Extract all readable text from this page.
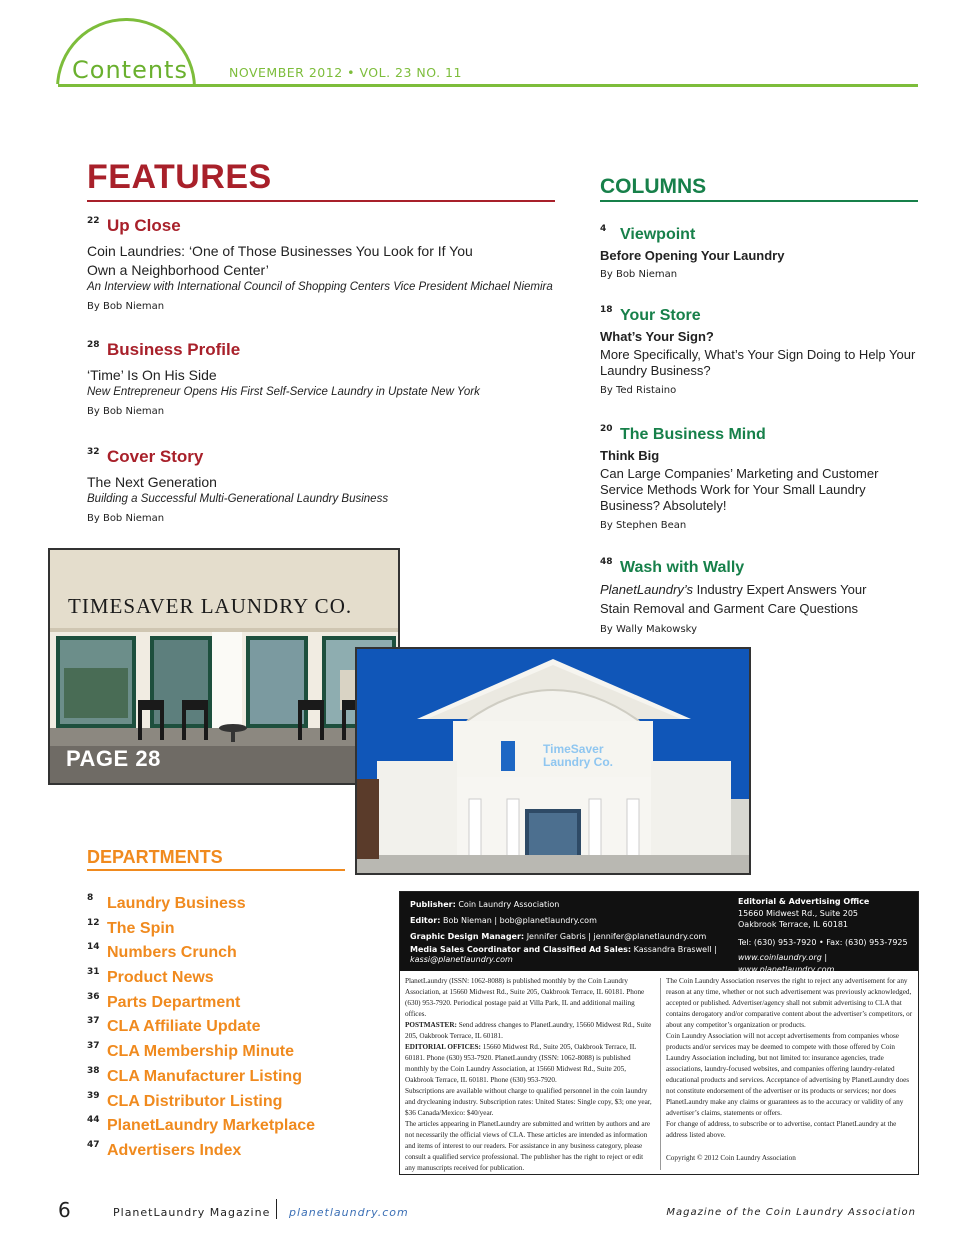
Contents	NOVEMBER 2012 • VOL. 23 NO. 11
FEATURES
22 Up Close
Coin Laundries: ‘One of Those Businesses You Look for If You Own a Neighborhood Center’
An Interview with International Council of Shopping Centers Vice President Michael Niemira
By Bob Nieman
28 Business Profile
‘Time’ Is On His Side
New Entrepreneur Opens His First Self-Service Laundry in Upstate New York
By Bob Nieman
32 Cover Story
The Next Generation
Building a Successful Multi-Generational Laundry Business
By Bob Nieman
COLUMNS
4 Viewpoint
Before Opening Your Laundry
By Bob Nieman
18 Your Store
What’s Your Sign?
More Specifically, What’s Your Sign Doing to Help Your Laundry Business?
By Ted Ristaino
20 The Business Mind
Think Big
Can Large Companies’ Marketing and Customer Service Methods Work for Your Small Laundry Business? Absolutely!
By Stephen Bean
48 Wash with Wally
PlanetLaundry’s Industry Expert Answers Your Stain Removal and Garment Care Questions
By Wally Makowsky
TIMESAVER LAUNDRY CO.
TimeSaver
Laundry Co.
PAGE 28
DEPARTMENTS
8 Laundry Business
12 The Spin
14 Numbers Crunch
31 Product News
36 Parts Department
37 CLA Affiliate Update
37 CLA Membership Minute
38 CLA Manufacturer Listing
39 CLA Distributor Listing
44 PlanetLaundry Marketplace
47 Advertisers Index
Publisher: Coin Laundry Association
Editor: Bob Nieman | bob@planetlaundry.com
Graphic Design Manager: Jennifer Gabris | jennifer@planetlaundry.com
Media Sales Coordinator and Classified Ad Sales: Kassandra Braswell |
kassi@planetlaundry.com
Editorial & Advertising Office
15660 Midwest Rd., Suite 205
Oakbrook Terrace, IL 60181
Tel: (630) 953-7920 • Fax: (630) 953-7925
www.coinlaundry.org | www.planetlaundry.com
PlanetLaundry (ISSN: 1062-8088) is published monthly by the Coin Laundry Association, at 15660 Midwest Rd., Suite 205, Oakbrook Terrace, IL 60181. Phone (630) 953-7920. Periodical postage paid at Villa Park, IL and additional mailing offices.
POSTMASTER: Send address changes to PlanetLaundry, 15660 Midwest Rd., Suite 205, Oakbrook Terrace, IL 60181.
EDITORIAL OFFICES: 15660 Midwest Rd., Suite 205, Oakbrook Terrace, IL 60181. Phone (630) 953-7920. PlanetLaundry (ISSN: 1062-8088) is published monthly by the Coin Laundry Association, at 15660 Midwest Rd., Suite 205, Oakbrook Terrace, IL 60181. Phone (630) 953-7920.
Subscriptions are available without charge to qualified personnel in the coin laundry and drycleaning industry. Subscription rates: United States: Single copy, $3; one year, $36 Canada/Mexico: $40/year.
The articles appearing in PlanetLaundry are submitted and written by authors and are not necessarily the official views of CLA. These articles are intended as information and items of interest to our readers. For assistance in any business category, please consult a qualified service professional. The publisher has the right to reject or edit any manuscripts received for publication.
The Coin Laundry Association reserves the right to reject any advertisement for any reason at any time, whether or not such advertisement was previously acknowledged, accepted or published. Advertiser/agency shall not submit advertising to CLA that contains derogatory and/or comparative content about the advertiser’s competitors, or about any competitor’s organization or products.
Coin Laundry Association will not accept advertisements from companies whose products and/or services may be deemed to compete with those offered by Coin Laundry Association including, but not limited to: insurance agencies, trade associations, laundry-focused websites, and companies offering laundry-related educational products and services. Acceptance of advertising by PlanetLaundry does not constitute endorsement of the advertiser or its products or services; nor does PlanetLaundry make any claims or guarantees as to the accuracy or validity of any advertiser’s claims, statements or offers.
For change of address, to subscribe or to advertise, contact PlanetLaundry at the address listed above.
Copyright © 2012 Coin Laundry Association
6	PlanetLaundry Magazine planetlaundry.com	Magazine of the Coin Laundry Association
